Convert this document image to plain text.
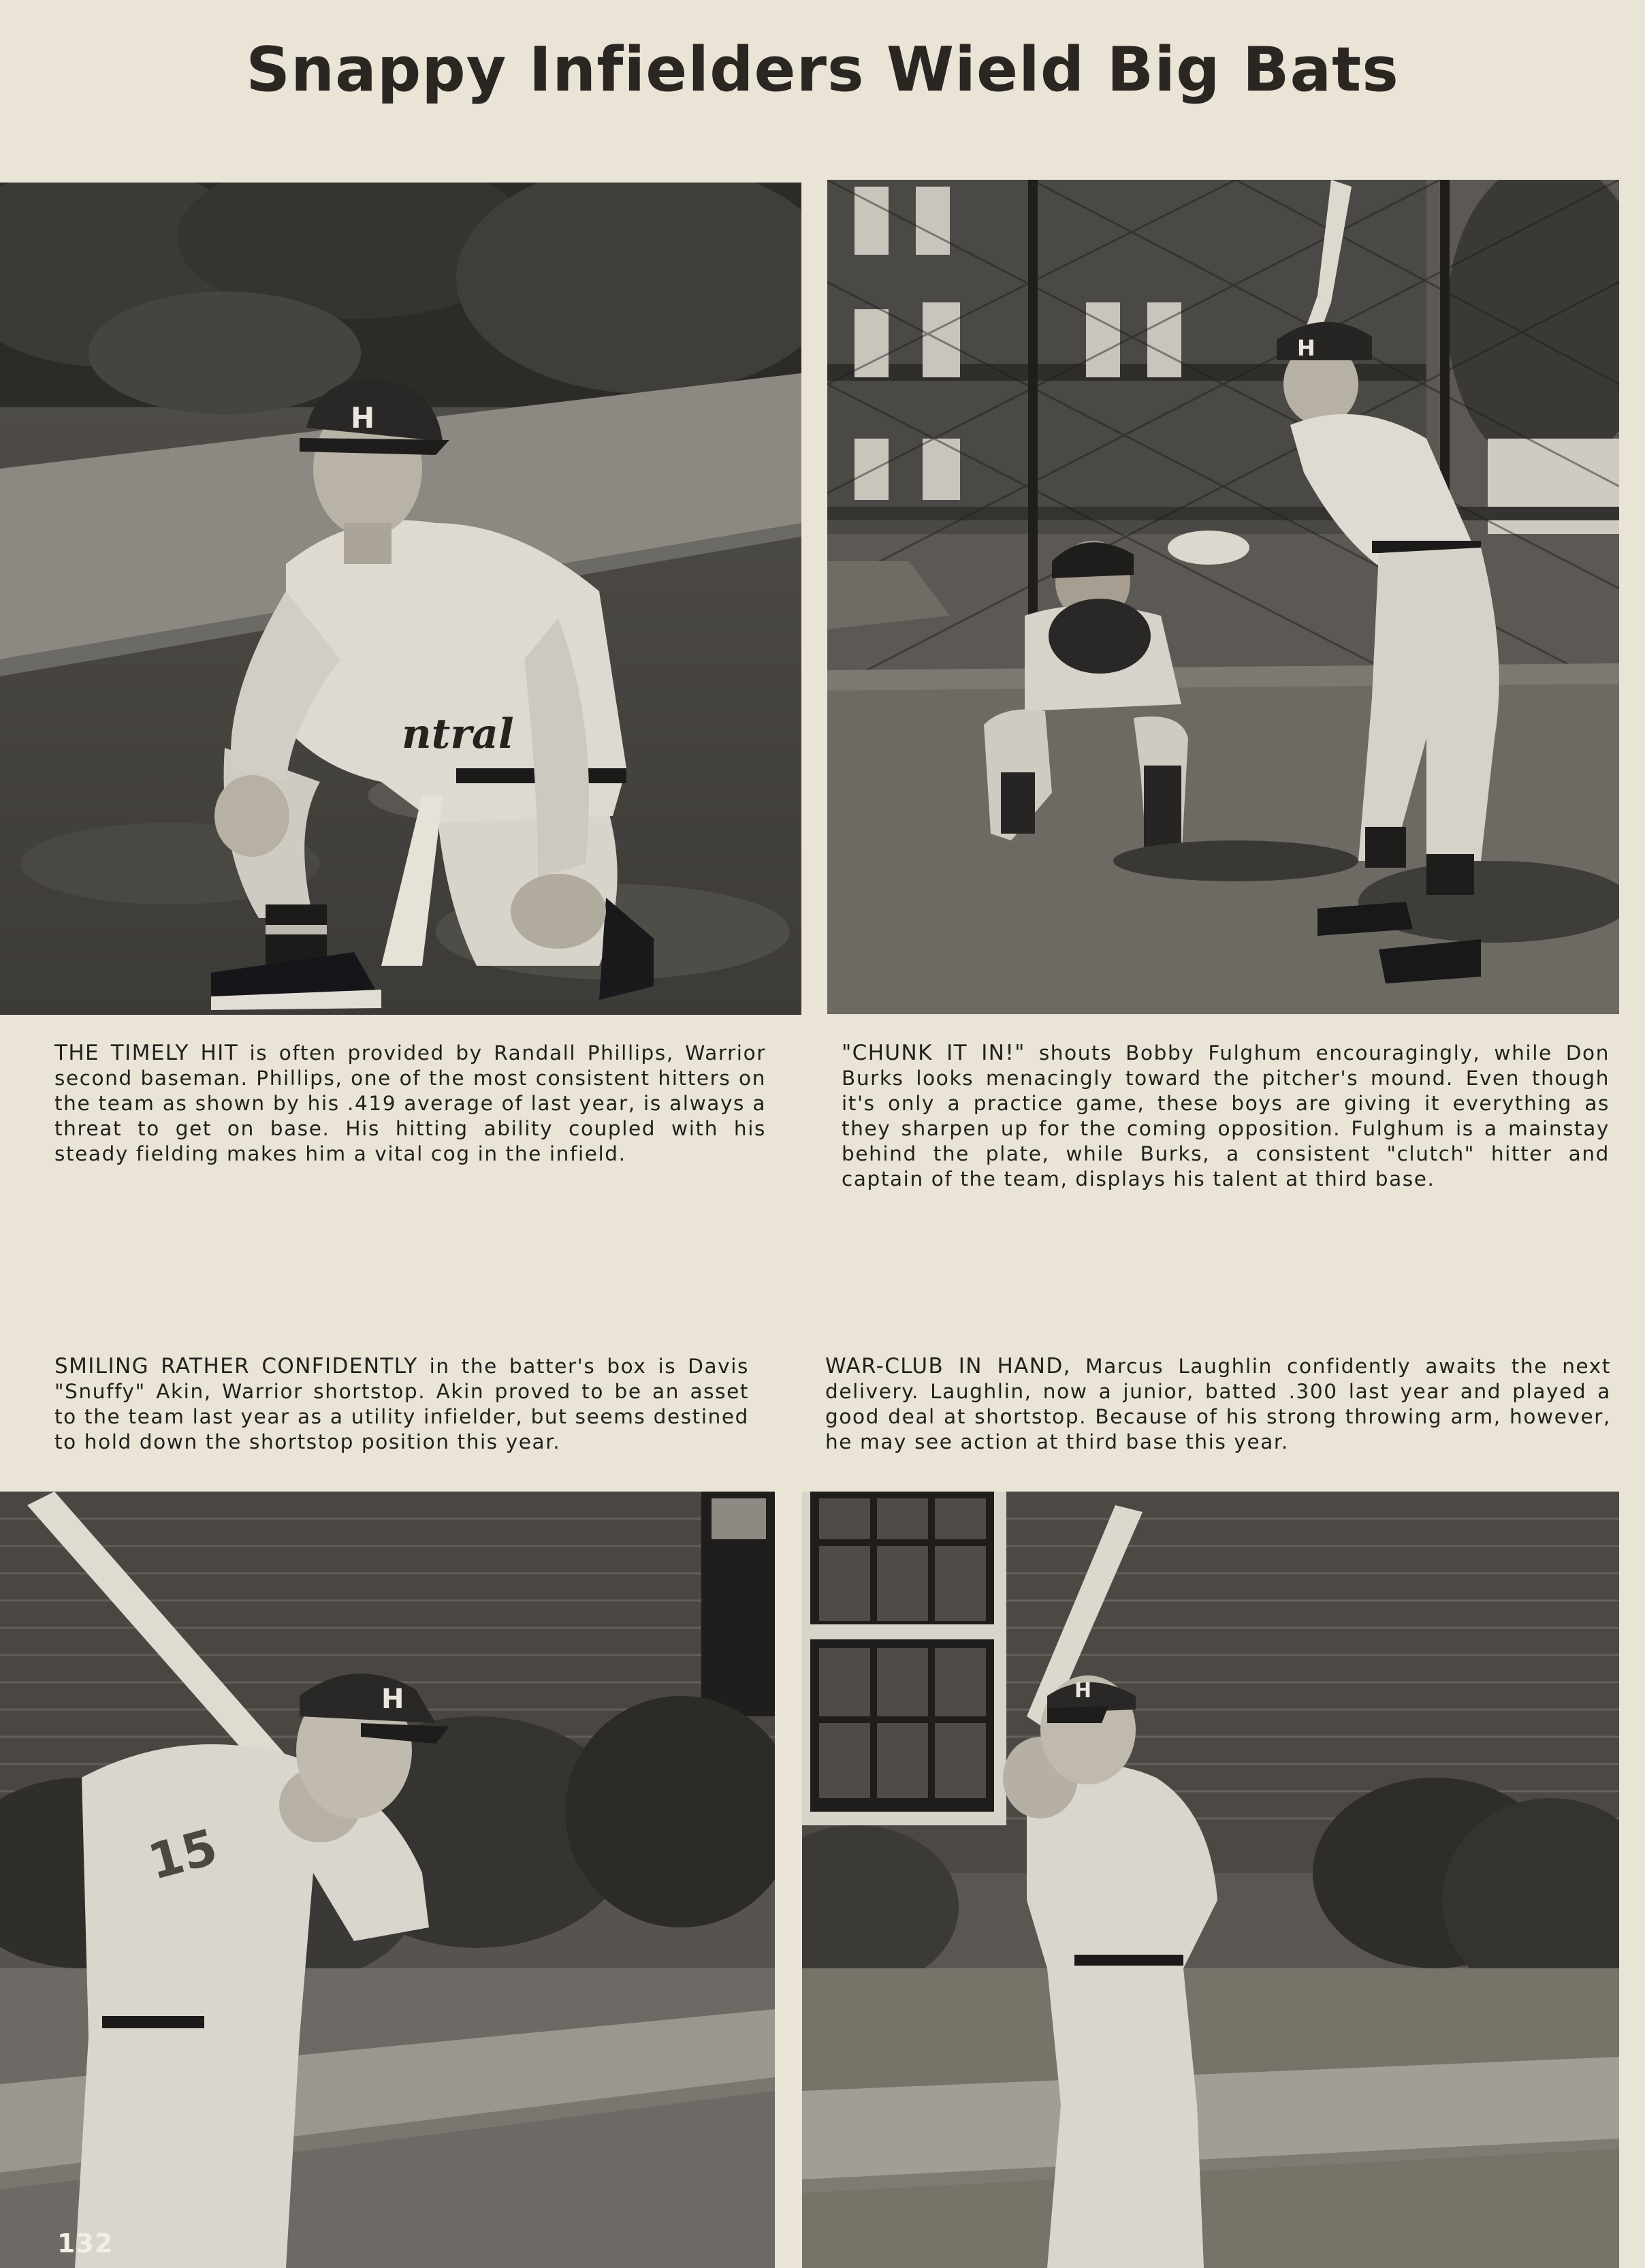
Snappy Infielders Wield Big Bats
ntral
H
H

THE TIMELY HIT is often provided by Randall Phillips, Warrior second baseman. Phillips, one of the most consistent hitters on the team as shown by his .419 average of last year, is always a threat to get on base. His hitting ability coupled with his steady fielding makes him a vital cog in the infield.

"CHUNK IT IN!" shouts Bobby Fulghum encouragingly, while Don Burks looks menacingly toward the pitcher's mound. Even though it's only a practice game, these boys are giving it everything as they sharpen up for the coming opposition. Fulghum is a mainstay behind the plate, while Burks, a consistent "clutch" hitter and captain of the team, displays his talent at third base.

SMILING RATHER CONFIDENTLY in the batter's box is Davis "Snuffy" Akin, Warrior shortstop. Akin proved to be an asset to the team last year as a utility infielder, but seems destined to hold down the shortstop position this year.

WAR-CLUB IN HAND, Marcus Laughlin confidently awaits the next delivery. Laughlin, now a junior, batted .300 last year and played a good deal at shortstop. Because of his strong throwing arm, however, he may see action at third base this year.

15
H	H
132
